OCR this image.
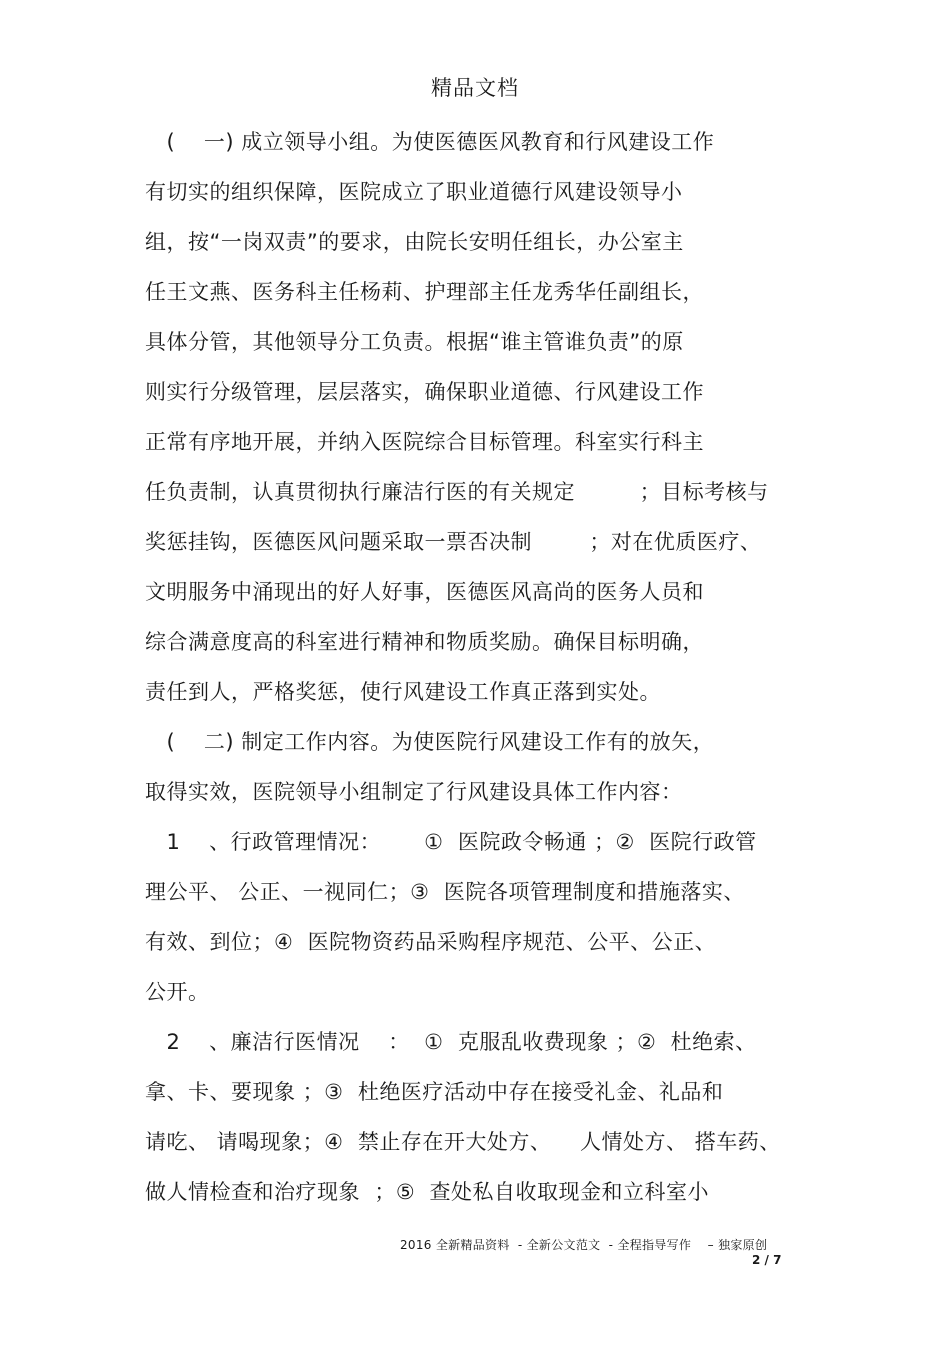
精品文档
(    一) 成立领导小组。为使医德医风教育和行风建设工作
有切实的组织保障，医院成立了职业道德行风建设领导小
组，按“一岗双责”的要求，由院长安明任组长，办公室主
任王文燕、医务科主任杨莉、护理部主任龙秀华任副组长，
具体分管，其他领导分工负责。根据“谁主管谁负责”的原
则实行分级管理，层层落实，确保职业道德、行风建设工作
正常有序地开展，并纳入医院综合目标管理。科室实行科主
任负责制，认真贯彻执行廉洁行医的有关规定         ；目标考核与
奖惩挂钩，医德医风问题采取一票否决制        ；对在优质医疗、
文明服务中涌现出的好人好事，医德医风高尚的医务人员和
综合满意度高的科室进行精神和物质奖励。确保目标明确，
责任到人，严格奖惩，使行风建设工作真正落到实处。
(    二) 制定工作内容。为使医院行风建设工作有的放矢，
取得实效，医院领导小组制定了行风建设具体工作内容：
1    、行政管理情况：      ①  医院政令畅通 ；②  医院行政管
理公平、 公正、一视同仁；③  医院各项管理制度和措施落实、
有效、到位；④  医院物资药品采购程序规范、公平、公正、
公开。
2    、廉洁行医情况    ：  ①  克服乱收费现象 ；②  杜绝索、
拿、卡、要现象 ；③  杜绝医疗活动中存在接受礼金、礼品和
请吃、 请喝现象；④  禁止存在开大处方、    人情处方、 搭车药、
做人情检查和治疗现象  ；⑤  查处私自收取现金和立科室小
2016 全新精品资料  - 全新公文范文  - 全程指导写作    – 独家原创
2 / 7
